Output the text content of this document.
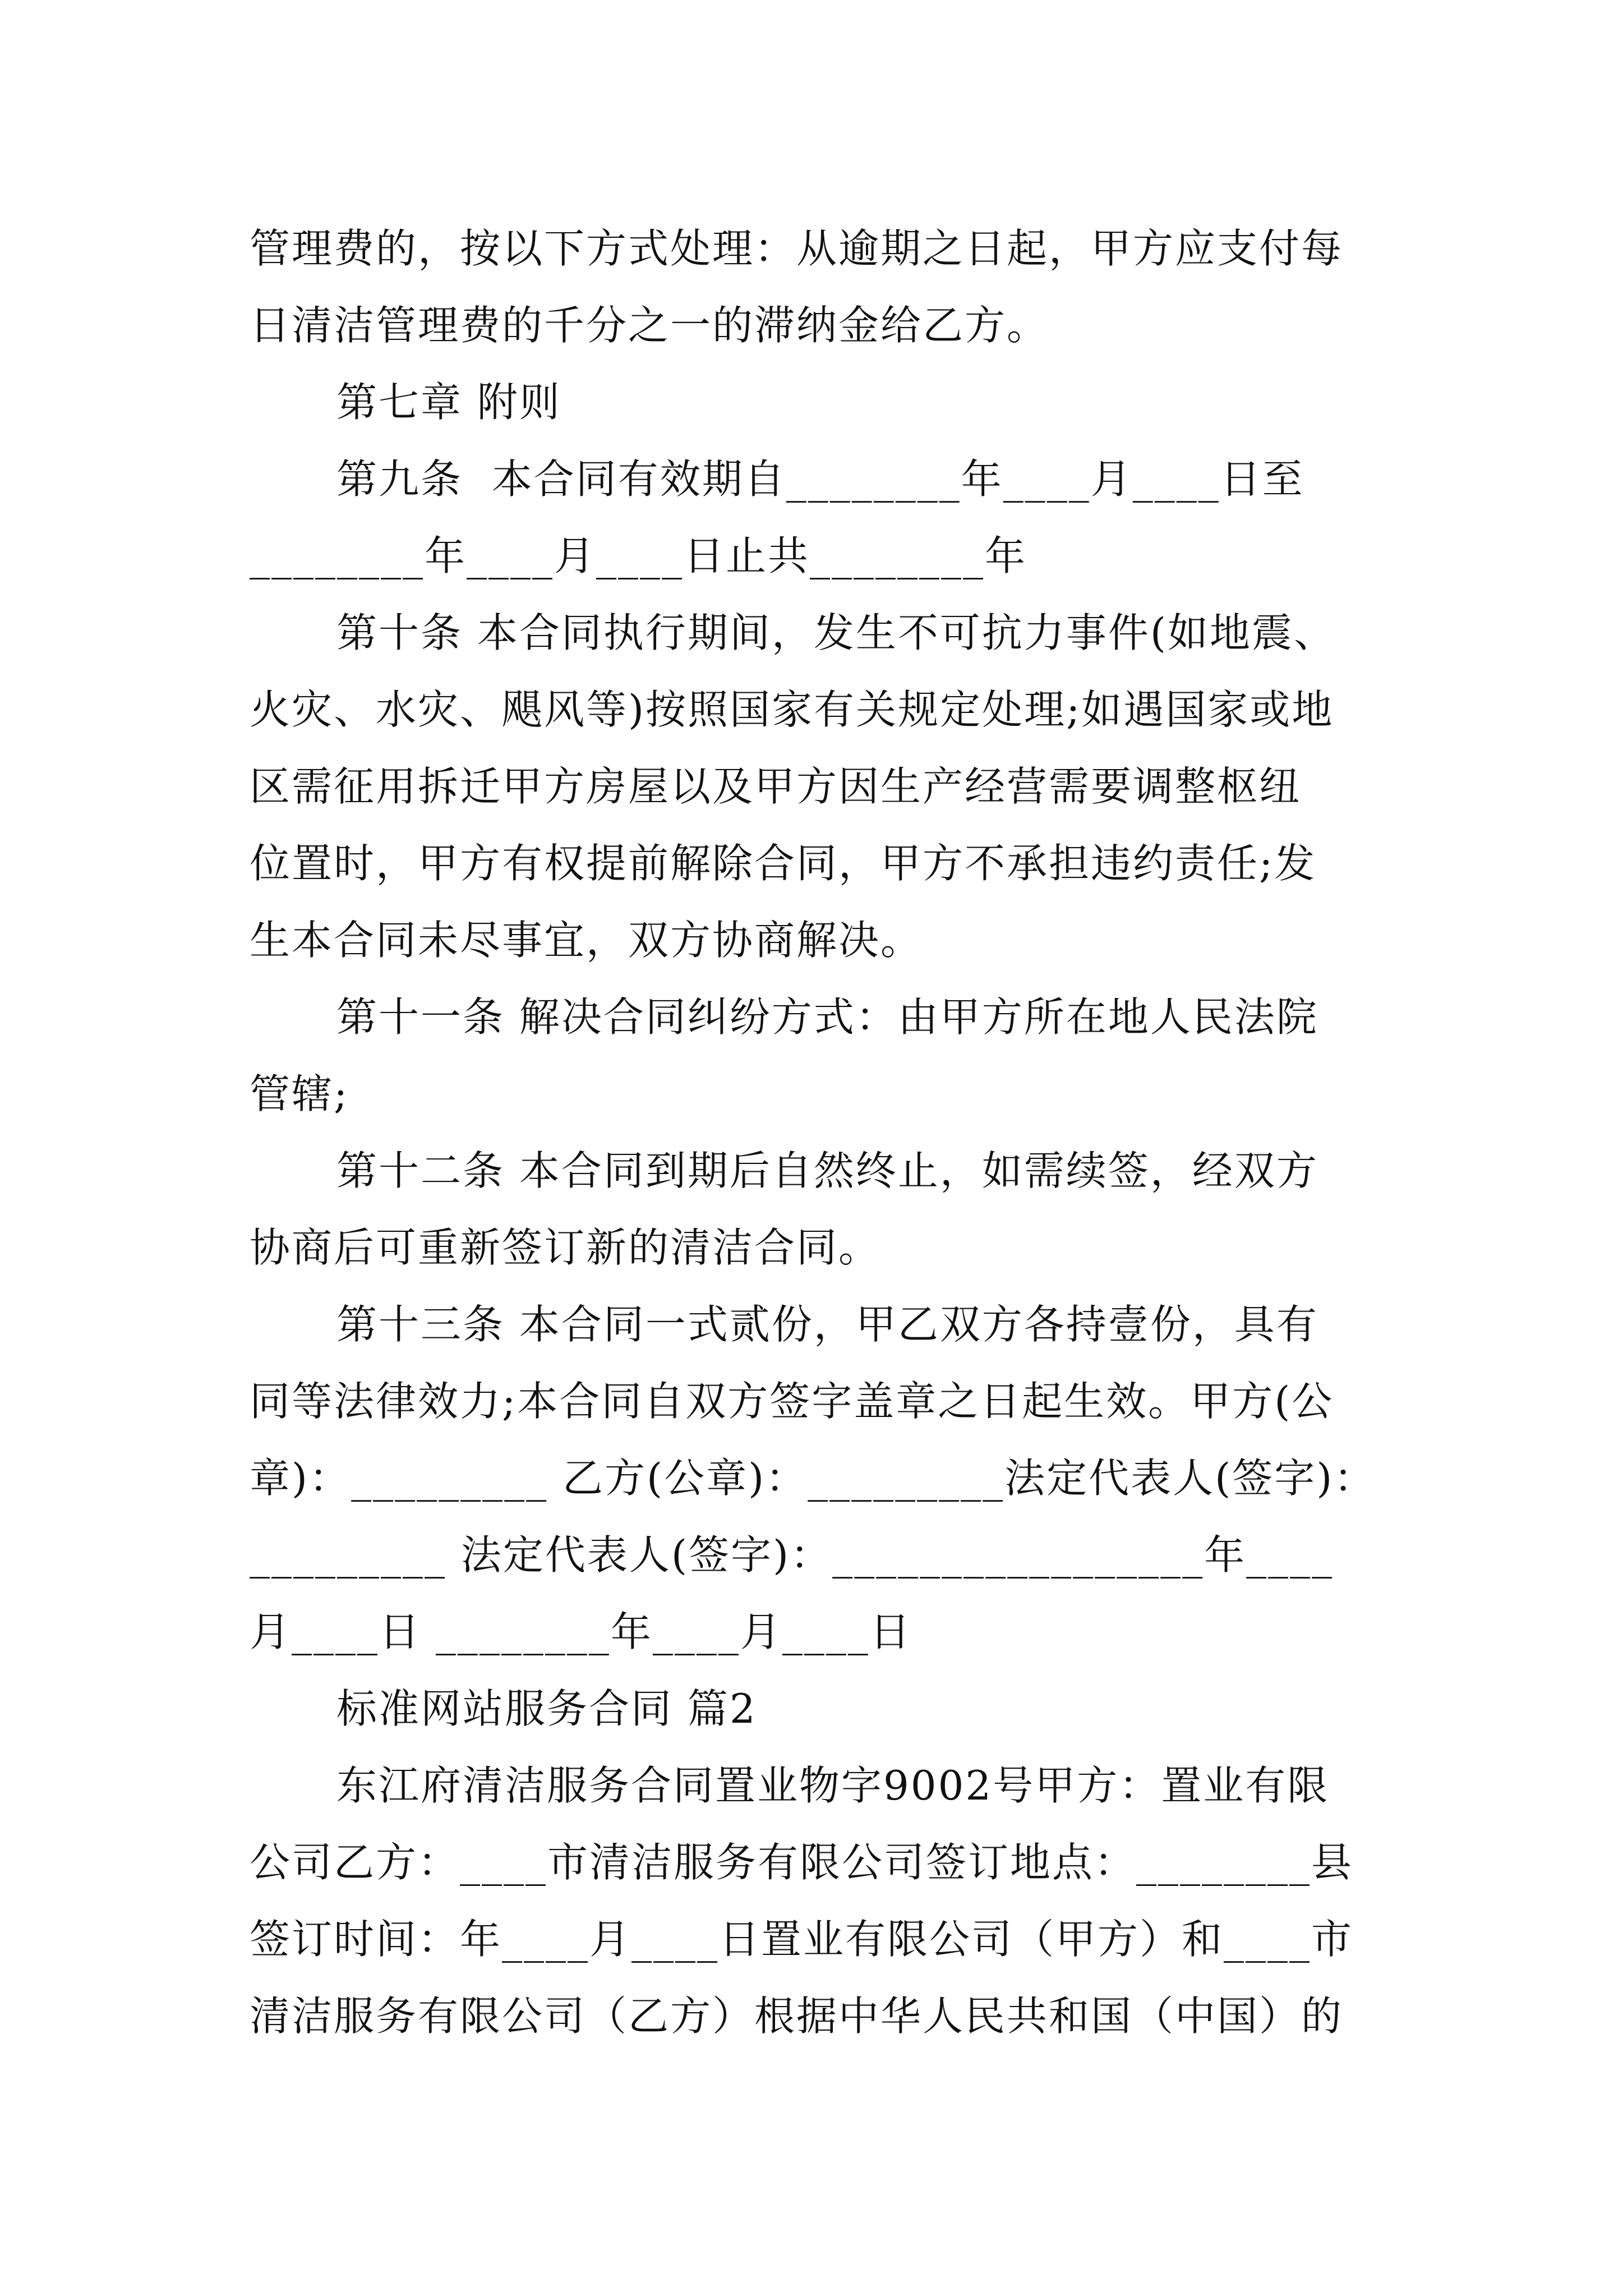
管理费的，按以下方式处理：从逾期之日起，甲方应支付每
日清洁管理费的千分之一的滞纳金给乙方。
第七章 附则
第九条  本合同有效期自________年____月____日至
________年____月____日止共________年
第十条 本合同执行期间，发生不可抗力事件(如地震、
火灾、水灾、飓风等)按照国家有关规定处理;如遇国家或地
区需征用拆迁甲方房屋以及甲方因生产经营需要调整枢纽
位置时，甲方有权提前解除合同，甲方不承担违约责任;发
生本合同未尽事宜，双方协商解决。
第十一条 解决合同纠纷方式：由甲方所在地人民法院
管辖;
第十二条 本合同到期后自然终止，如需续签，经双方
协商后可重新签订新的清洁合同。
第十三条 本合同一式贰份，甲乙双方各持壹份，具有
同等法律效力;本合同自双方签字盖章之日起生效。甲方(公
章)：_________ 乙方(公章)：_________法定代表人(签字)：
_________ 法定代表人(签字)：_________________年____
月____日 ________年____月____日
标准网站服务合同 篇2
东江府清洁服务合同置业物字9002号甲方：置业有限
公司乙方：____市清洁服务有限公司签订地点：________县
签订时间：年____月____日置业有限公司（甲方）和____市
清洁服务有限公司（乙方）根据中华人民共和国（中国）的
